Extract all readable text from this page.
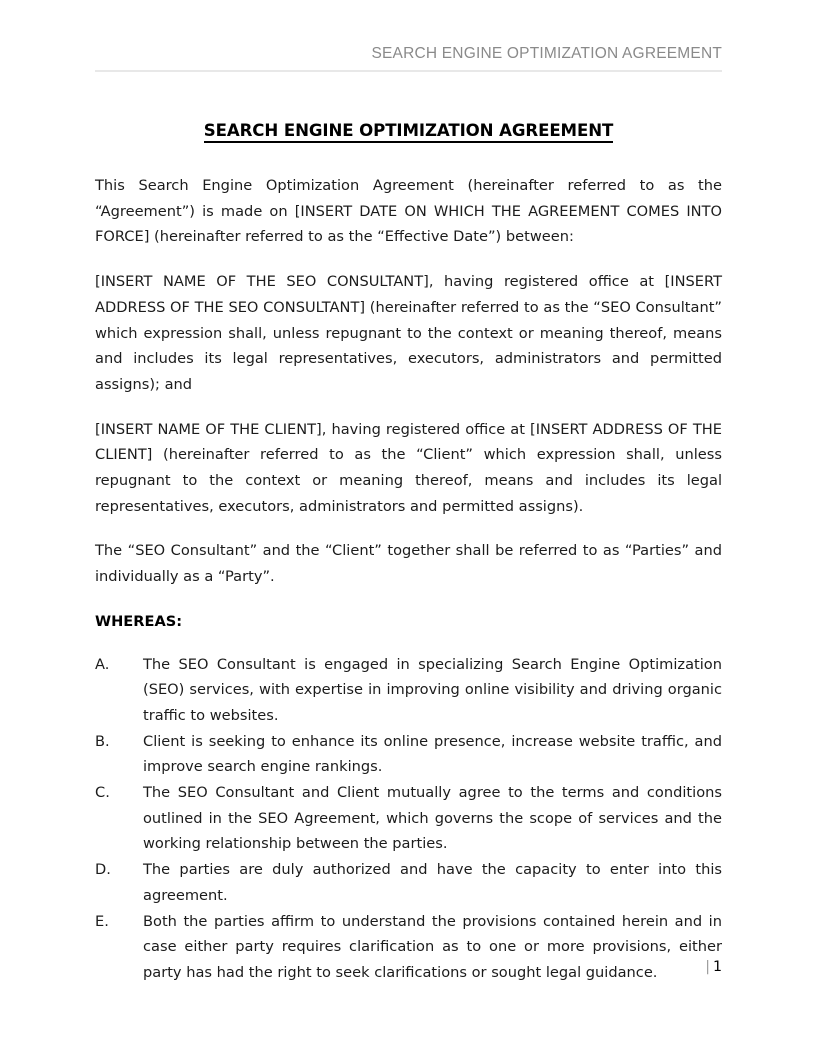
SEARCH ENGINE OPTIMIZATION AGREEMENT
SEARCH ENGINE OPTIMIZATION AGREEMENT

This Search Engine Optimization Agreement (hereinafter referred to as the “Agreement”) is made on [INSERT DATE ON WHICH THE AGREEMENT COMES INTO FORCE] (hereinafter referred to as the “Effective Date”) between:

[INSERT NAME OF THE SEO CONSULTANT], having registered office at [INSERT ADDRESS OF THE SEO CONSULTANT] (hereinafter referred to as the “SEO Consultant” which expression shall, unless repugnant to the context or meaning thereof, means and includes its legal representatives, executors, administrators and permitted assigns); and

[INSERT NAME OF THE CLIENT], having registered office at [INSERT ADDRESS OF THE CLIENT] (hereinafter referred to as the “Client” which expression shall, unless repugnant to the context or meaning thereof, means and includes its legal representatives, executors, administrators and permitted assigns).

The “SEO Consultant” and the “Client” together shall be referred to as “Parties” and individually as a “Party”.

WHEREAS:
A.	The SEO Consultant is engaged in specializing Search Engine Optimization (SEO) services, with expertise in improving online visibility and driving organic traffic to websites.
B.	Client is seeking to enhance its online presence, increase website traffic, and improve search engine rankings.
C.	The SEO Consultant and Client mutually agree to the terms and conditions outlined in the SEO Agreement, which governs the scope of services and the working relationship between the parties.
D.	The parties are duly authorized and have the capacity to enter into this agreement.
E.	Both the parties affirm to understand the provisions contained herein and in case either party requires clarification as to one or more provisions, either party has had the right to seek clarifications or sought legal guidance.	| 1
